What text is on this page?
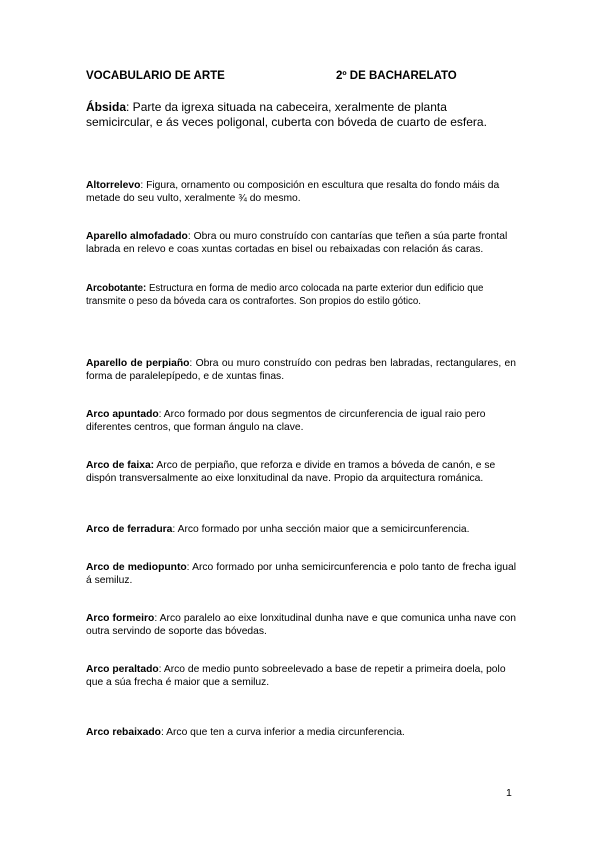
VOCABULARIO DE ARTE	2º DE BACHARELATO
Ábsida: Parte da igrexa situada na cabeceira, xeralmente de planta semicircular, e ás veces poligonal, cuberta con bóveda de cuarto de esfera.
Altorrelevo: Figura, ornamento ou composición en escultura que resalta do fondo máis da metade do seu vulto, xeralmente ¾ do mesmo.
Aparello almofadado: Obra ou muro construído con cantarías que teñen a súa parte frontal labrada en relevo e coas xuntas cortadas en bisel ou rebaixadas con relación ás caras.
Arcobotante: Estructura en forma de medio arco colocada na parte exterior dun edificio que transmite o peso da bóveda cara os contrafortes. Son propios do estilo gótico.
Aparello de perpiaño: Obra ou muro construído con pedras ben labradas, rectangulares, en forma de paralelepípedo, e de xuntas finas.
Arco apuntado: Arco formado por dous segmentos de circunferencia de igual raio pero diferentes centros, que forman ángulo na clave.
Arco de faixa: Arco de perpiaño, que reforza e divide en tramos a bóveda de canón, e se dispón transversalmente ao eixe lonxitudinal da nave. Propio da arquitectura románica.
Arco de ferradura: Arco formado por unha sección maior que a semicircunferencia.
Arco de mediopunto: Arco formado por unha semicircunferencia e polo tanto de frecha igual á semiluz.
Arco formeiro: Arco paralelo ao eixe lonxitudinal dunha nave e que comunica unha nave con outra servindo de soporte das bóvedas.
Arco peraltado: Arco de medio punto sobreelevado a base de repetir a primeira doela, polo que a súa frecha é maior que a semiluz.
Arco rebaixado: Arco que ten a curva inferior a media circunferencia.
1
